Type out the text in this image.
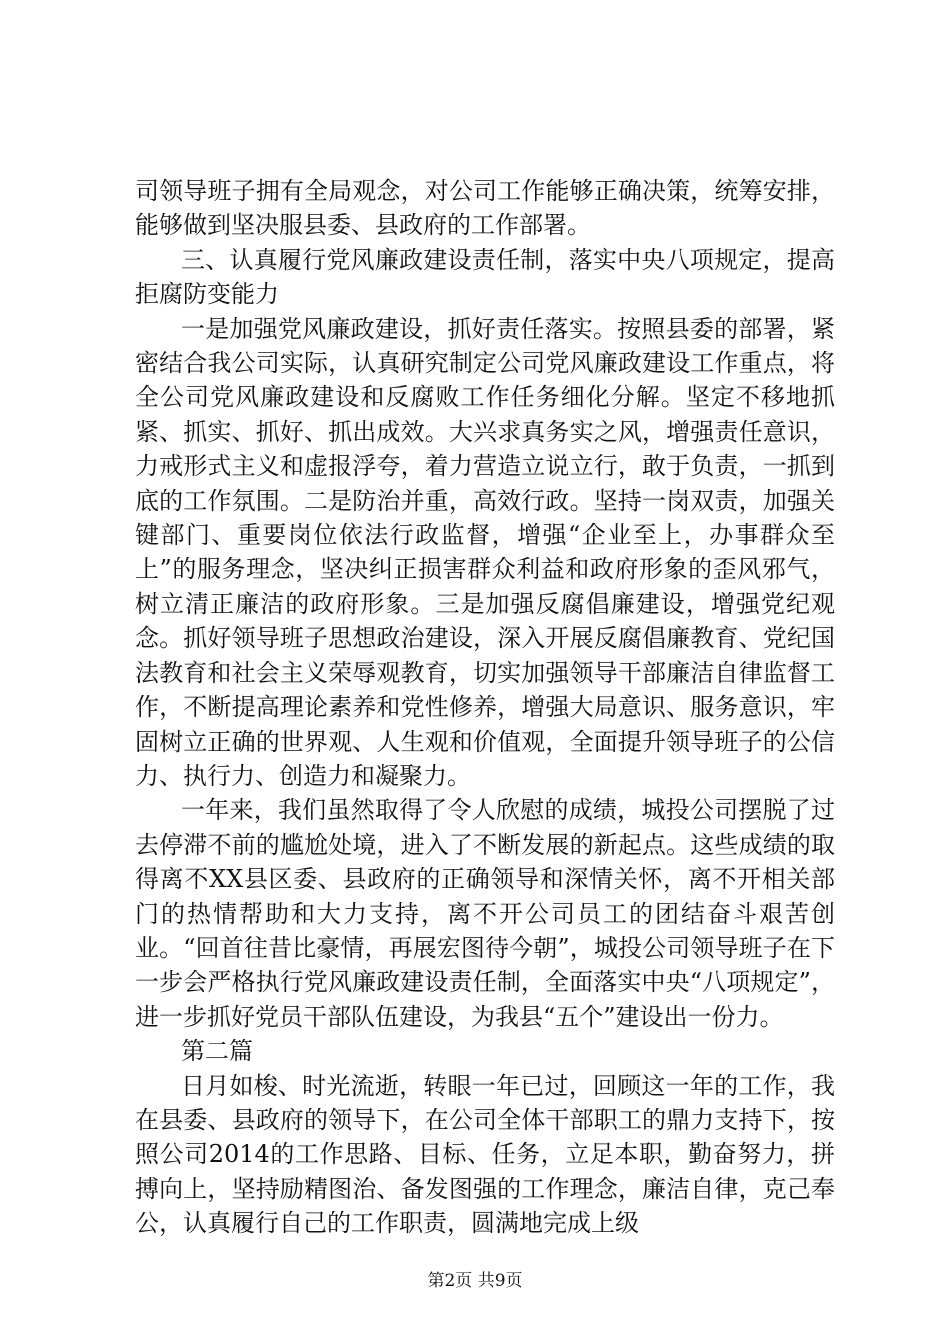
司领导班子拥有全局观念，对公司工作能够正确决策，统筹安排，能够做到坚决服县委、县政府的工作部署。

三、认真履行党风廉政建设责任制，落实中央八项规定，提高拒腐防变能力

一是加强党风廉政建设，抓好责任落实。按照县委的部署，紧密结合我公司实际，认真研究制定公司党风廉政建设工作重点，将全公司党风廉政建设和反腐败工作任务细化分解。坚定不移地抓紧、抓实、抓好、抓出成效。大兴求真务实之风，增强责任意识，力戒形式主义和虚报浮夸，着力营造立说立行，敢于负责，一抓到底的工作氛围。二是防治并重，高效行政。坚持一岗双责，加强关键部门、重要岗位依法行政监督，增强“企业至上，办事群众至上”的服务理念，坚决纠正损害群众利益和政府形象的歪风邪气，树立清正廉洁的政府形象。三是加强反腐倡廉建设，增强党纪观念。抓好领导班子思想政治建设，深入开展反腐倡廉教育、党纪国法教育和社会主义荣辱观教育，切实加强领导干部廉洁自律监督工作，不断提高理论素养和党性修养，增强大局意识、服务意识，牢固树立正确的世界观、人生观和价值观，全面提升领导班子的公信力、执行力、创造力和凝聚力。

一年来，我们虽然取得了令人欣慰的成绩，城投公司摆脱了过去停滞不前的尴尬处境，进入了不断发展的新起点。这些成绩的取得离不XX县区委、县政府的正确领导和深情关怀，离不开相关部门的热情帮助和大力支持，离不开公司员工的团结奋斗艰苦创业。“回首往昔比豪情，再展宏图待今朝”，城投公司领导班子在下一步会严格执行党风廉政建设责任制，全面落实中央“八项规定”，进一步抓好党员干部队伍建设，为我县“五个”建设出一份力。

第二篇

日月如梭、时光流逝，转眼一年已过，回顾这一年的工作，我在县委、县政府的领导下，在公司全体干部职工的鼎力支持下，按照公司2014的工作思路、目标、任务，立足本职，勤奋努力，拼搏向上，坚持励精图治、备发图强的工作理念，廉洁自律，克己奉公，认真履行自己的工作职责，圆满地完成上级

第2页 共9页
